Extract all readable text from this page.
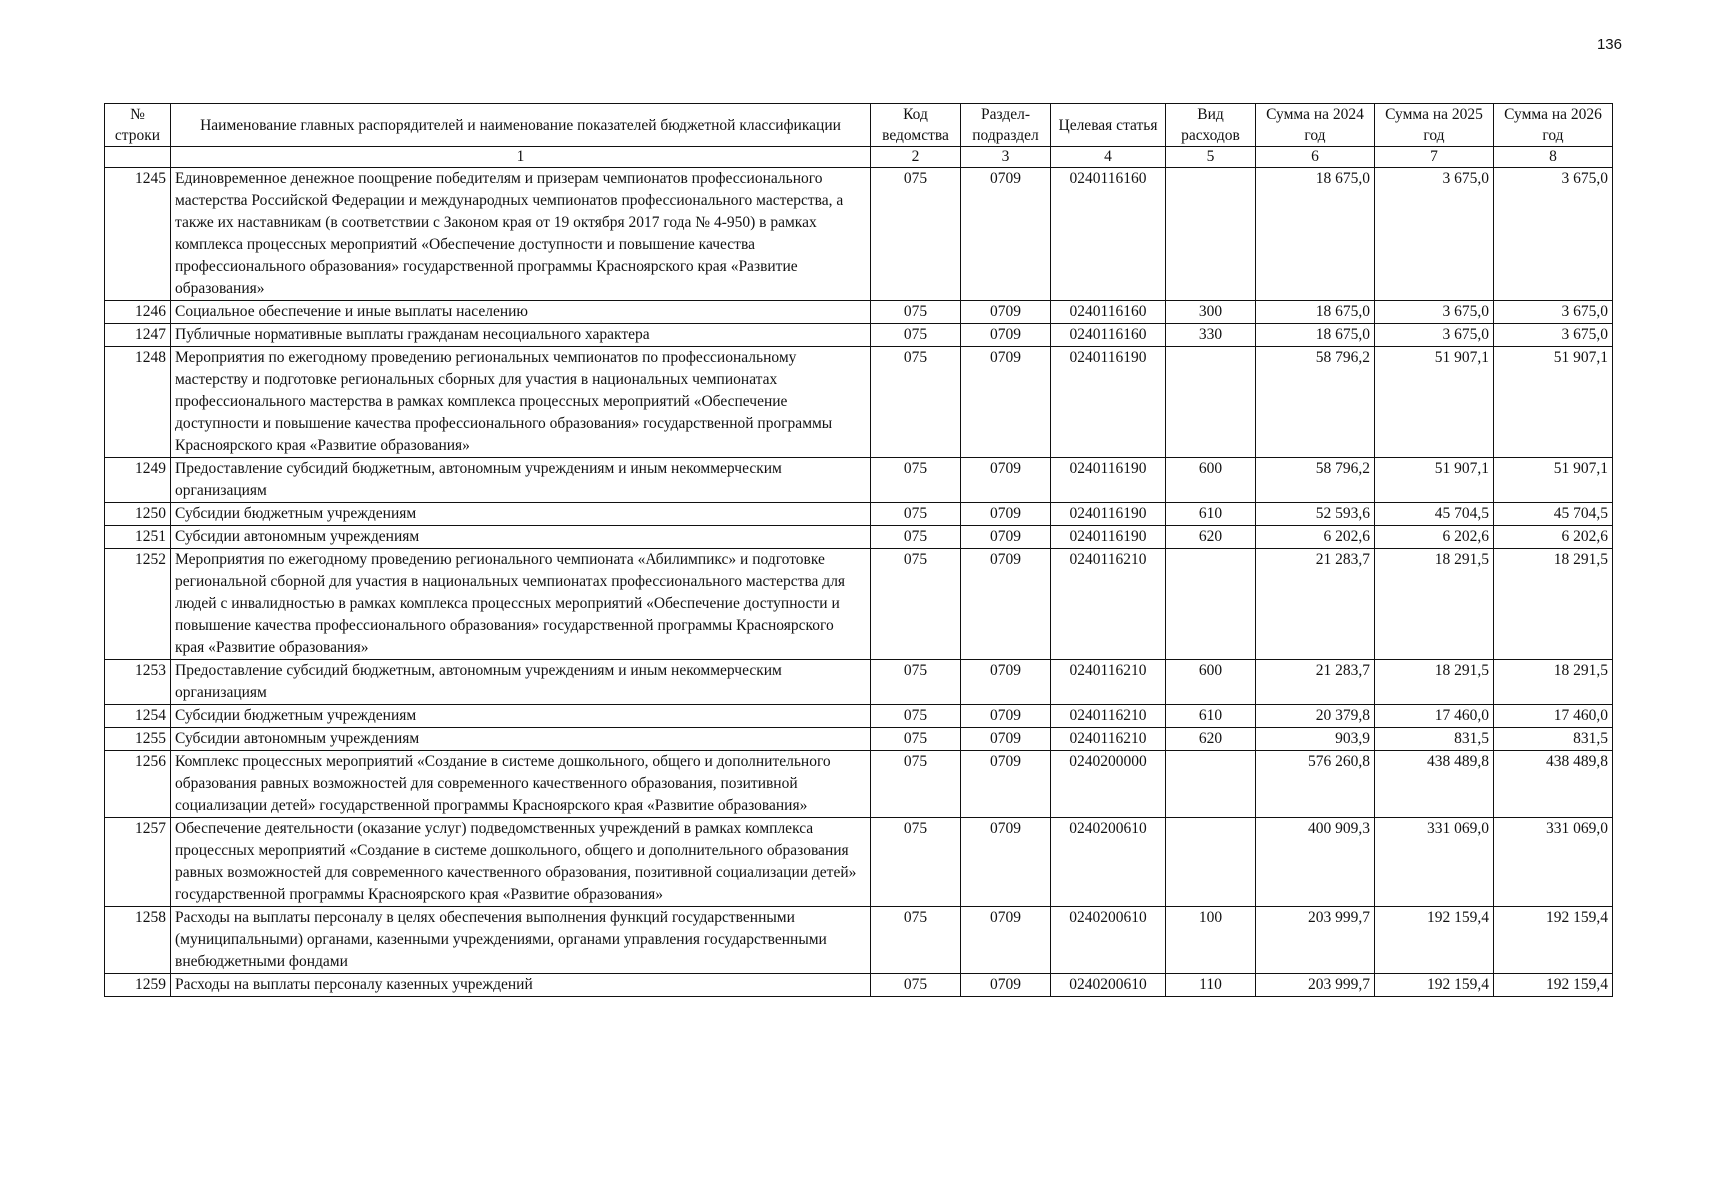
136
№ строки	Наименование главных распорядителей и наименование показателей бюджетной классификации	Код ведомства	Раздел-подраздел	Целевая статья	Вид расходов	Сумма на 2024 год	Сумма на 2025 год	Сумма на 2026 год
	1	2	3	4	5	6	7	8
1245	Единовременное денежное поощрение победителям и призерам чемпионатов профессионального мастерства Российской Федерации и международных чемпионатов профессионального мастерства, а также их наставникам (в соответствии с Законом края от 19 октября 2017 года № 4-950) в рамках комплекса процессных мероприятий «Обеспечение доступности и повышение качества профессионального образования» государственной программы Красноярского края «Развитие образования»	075	0709	0240116160		18 675,0	3 675,0	3 675,0
1246	Социальное обеспечение и иные выплаты населению	075	0709	0240116160	300	18 675,0	3 675,0	3 675,0
1247	Публичные нормативные выплаты гражданам несоциального характера	075	0709	0240116160	330	18 675,0	3 675,0	3 675,0
1248	Мероприятия по ежегодному проведению региональных чемпионатов по профессиональному мастерству и подготовке региональных сборных для участия в национальных чемпионатах профессионального мастерства в рамках комплекса процессных мероприятий «Обеспечение доступности и повышение качества профессионального образования» государственной программы Красноярского края «Развитие образования»	075	0709	0240116190		58 796,2	51 907,1	51 907,1
1249	Предоставление субсидий бюджетным, автономным учреждениям и иным некоммерческим организациям	075	0709	0240116190	600	58 796,2	51 907,1	51 907,1
1250	Субсидии бюджетным учреждениям	075	0709	0240116190	610	52 593,6	45 704,5	45 704,5
1251	Субсидии автономным учреждениям	075	0709	0240116190	620	6 202,6	6 202,6	6 202,6
1252	Мероприятия по ежегодному проведению регионального чемпионата «Абилимпикс» и подготовке региональной сборной для участия в национальных чемпионатах профессионального мастерства для людей с инвалидностью в рамках комплекса процессных мероприятий «Обеспечение доступности и повышение качества профессионального образования» государственной программы Красноярского края «Развитие образования»	075	0709	0240116210		21 283,7	18 291,5	18 291,5
1253	Предоставление субсидий бюджетным, автономным учреждениям и иным некоммерческим организациям	075	0709	0240116210	600	21 283,7	18 291,5	18 291,5
1254	Субсидии бюджетным учреждениям	075	0709	0240116210	610	20 379,8	17 460,0	17 460,0
1255	Субсидии автономным учреждениям	075	0709	0240116210	620	903,9	831,5	831,5
1256	Комплекс процессных мероприятий «Создание в системе дошкольного, общего и дополнительного образования равных возможностей для современного качественного образования, позитивной социализации детей» государственной программы Красноярского края «Развитие образования»	075	0709	0240200000		576 260,8	438 489,8	438 489,8
1257	Обеспечение деятельности (оказание услуг) подведомственных учреждений в рамках комплекса процессных мероприятий «Создание в системе дошкольного, общего и дополнительного образования равных возможностей для современного качественного образования, позитивной социализации детей» государственной программы Красноярского края «Развитие образования»	075	0709	0240200610		400 909,3	331 069,0	331 069,0
1258	Расходы на выплаты персоналу в целях обеспечения выполнения функций государственными (муниципальными) органами, казенными учреждениями, органами управления государственными внебюджетными фондами	075	0709	0240200610	100	203 999,7	192 159,4	192 159,4
1259	Расходы на выплаты персоналу казенных учреждений	075	0709	0240200610	110	203 999,7	192 159,4	192 159,4
